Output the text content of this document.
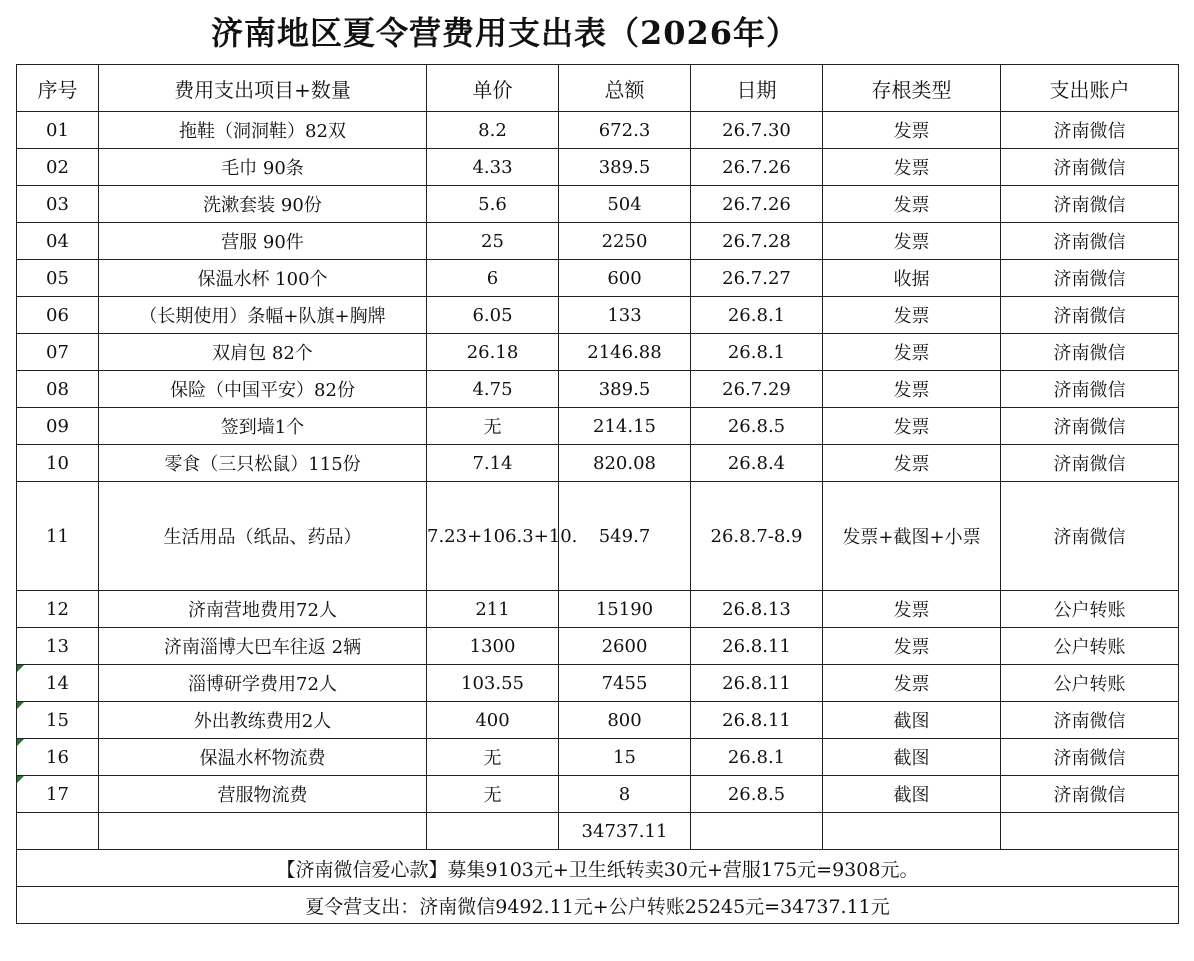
济南地区夏令营费用支出表（2026年）
序号	费用支出项目+数量	单价	总额	日期	存根类型	支出账户
01	拖鞋（洞洞鞋）82双	8.2	672.3	26.7.30	发票	济南微信
02	毛巾 90条	4.33	389.5	26.7.26	发票	济南微信
03	洗漱套装 90份	5.6	504	26.7.26	发票	济南微信
04	营服 90件	25	2250	26.7.28	发票	济南微信
05	保温水杯 100个	6	600	26.7.27	收据	济南微信
06	（长期使用）条幅+队旗+胸牌	6.05	133	26.8.1	发票	济南微信
07	双肩包 82个	26.18	2146.88	26.8.1	发票	济南微信
08	保险（中国平安）82份	4.75	389.5	26.7.29	发票	济南微信
09	签到墙1个	无	214.15	26.8.5	发票	济南微信
10	零食（三只松鼠）115份	7.14	820.08	26.8.4	发票	济南微信
11	生活用品（纸品、药品）	7.23+106.3+10.	549.7	26.8.7-8.9	发票+截图+小票	济南微信
12	济南营地费用72人	211	15190	26.8.13	发票	公户转账
13	济南淄博大巴车往返 2辆	1300	2600	26.8.11	发票	公户转账

14	淄博研学费用72人	103.55	7455	26.8.11	发票	公户转账

15	外出教练费用2人	400	800	26.8.11	截图	济南微信

16	保温水杯物流费	无	15	26.8.1	截图	济南微信

17	营服物流费	无	8	26.8.5	截图	济南微信
			34737.11			
【济南微信爱心款】募集9103元+卫生纸转卖30元+营服175元=9308元。						
夏令营支出：济南微信9492.11元+公户转账25245元=34737.11元						
